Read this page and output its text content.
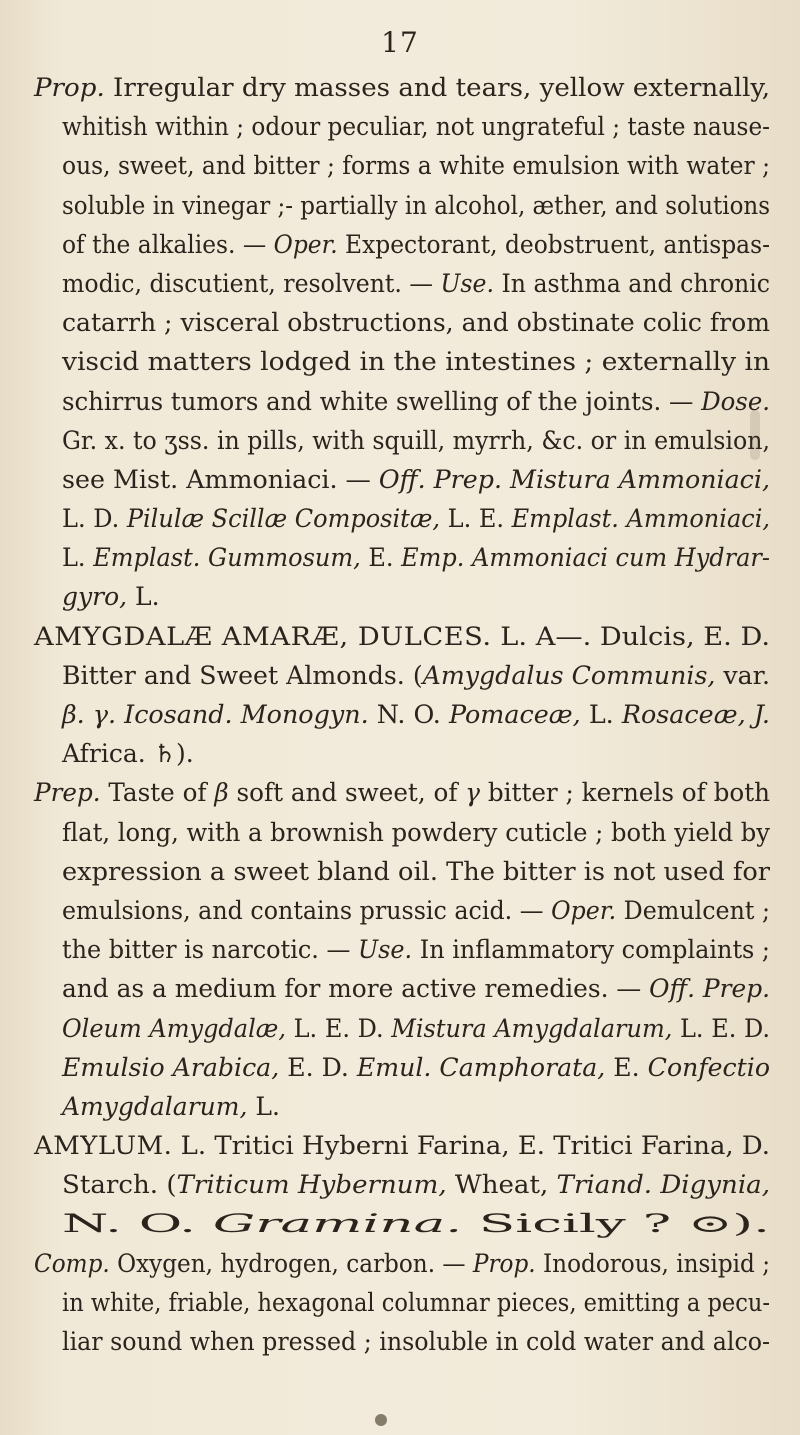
17
Prop. Irregular dry masses and tears, yellow externally,
whitish within ; odour peculiar, not ungrateful ; taste nause-
ous, sweet, and bitter ; forms a white emulsion with water ;
soluble in vinegar ;- partially in alcohol, æther, and solutions
of the alkalies. — Oper. Expectorant, deobstruent, antispas-
modic, discutient, resolvent. — Use. In asthma and chronic
catarrh ; visceral obstructions, and obstinate colic from
viscid matters lodged in the intestines ; externally in
schirrus tumors and white swelling of the joints. — Dose.
Gr. x. to ʒss. in pills, with squill, myrrh, &c. or in emulsion,
see Mist. Ammoniaci. — Off. Prep. Mistura Ammoniaci,
L. D. Pilulæ Scillæ Compositæ, L. E. Emplast. Ammoniaci,
L. Emplast. Gummosum, E. Emp. Ammoniaci cum Hydrar-
gyro, L.
AMYGDALÆ AMARÆ, DULCES. L. A—. Dulcis, E. D.
Bitter and Sweet Almonds. (Amygdalus Communis, var.
β. γ. Icosand. Monogyn. N. O. Pomaceæ, L. Rosaceæ, J.
Africa. ♄).
Prep. Taste of β soft and sweet, of γ bitter ; kernels of both
flat, long, with a brownish powdery cuticle ; both yield by
expression a sweet bland oil. The bitter is not used for
emulsions, and contains prussic acid. — Oper. Demulcent ;
the bitter is narcotic. — Use. In inflammatory complaints ;
and as a medium for more active remedies. — Off. Prep.
Oleum Amygdalæ, L. E. D. Mistura Amygdalarum, L. E. D.
Emulsio Arabica, E. D. Emul. Camphorata, E. Confectio
Amygdalarum, L.
AMYLUM. L. Tritici Hyberni Farina, E. Tritici Farina, D.
Starch. (Triticum Hybernum, Wheat, Triand. Digynia,
N. O. Gramina. Sicily ? ⊙).
Comp. Oxygen, hydrogen, carbon. — Prop. Inodorous, insipid ;
in white, friable, hexagonal columnar pieces, emitting a pecu-
liar sound when pressed ; insoluble in cold water and alco-
